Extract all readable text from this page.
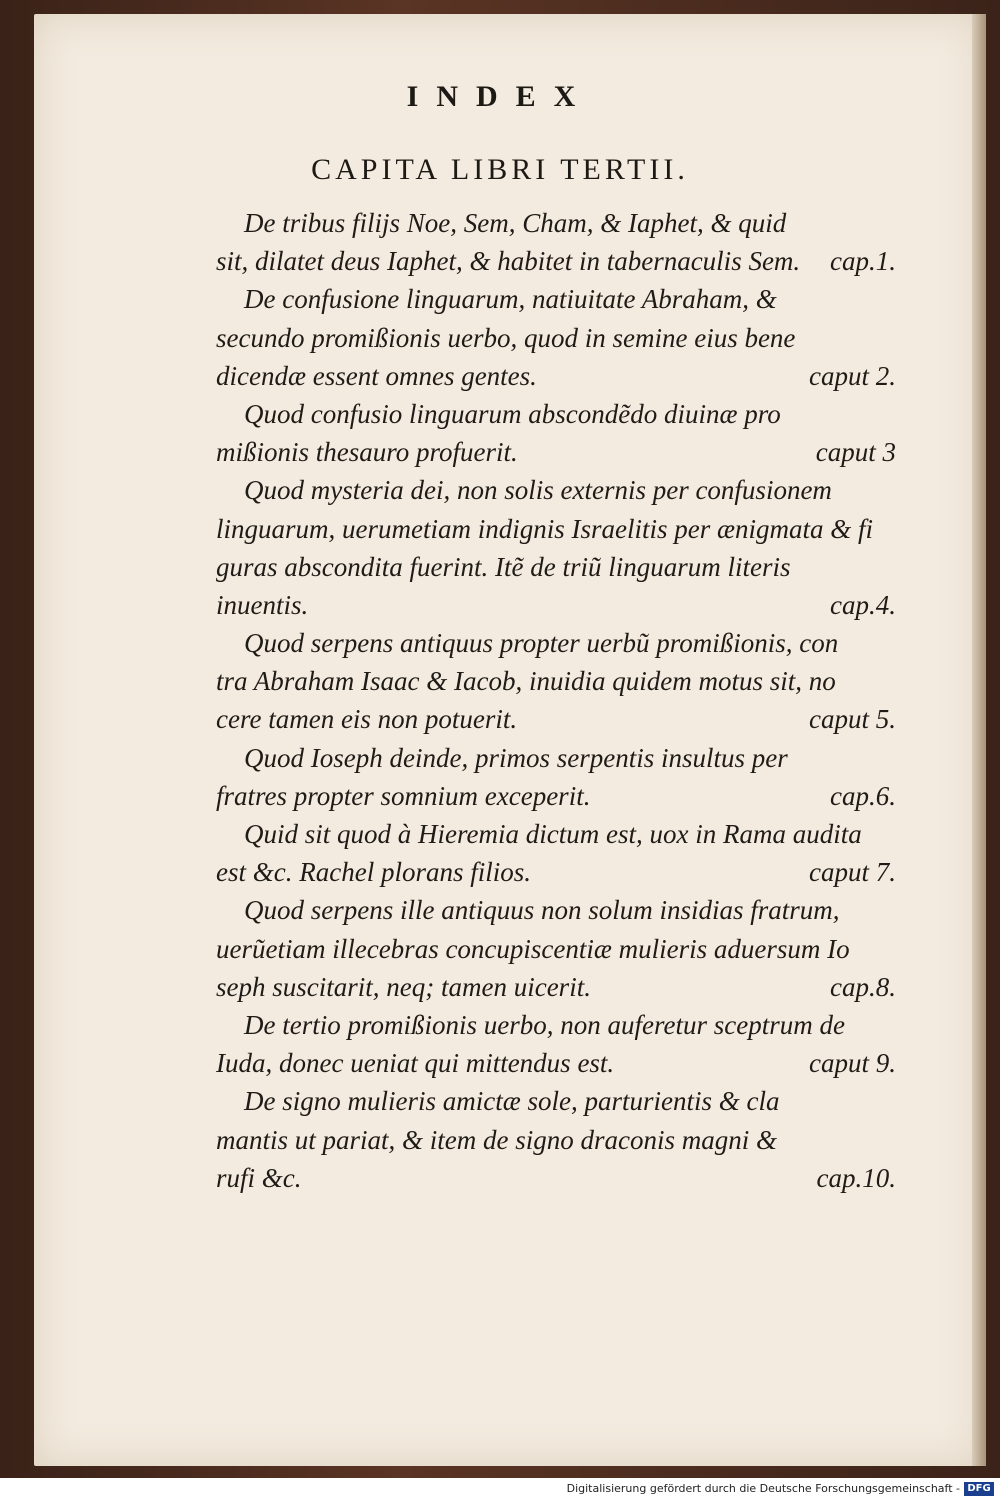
INDEX
CAPITA LIBRI TERTII.
De tribus filijs Noe, Sem, Cham, & Iaphet, & quid
sit, dilatet deus Iaphet, & habitet in tabernaculis Sem. cap.1.
De confusione linguarum, natiuitate Abraham, &
secundo promißionis uerbo, quod in semine eius bene
dicendæ essent omnes gentes.	caput 2.
Quod confusio linguarum abscondẽdo diuinæ pro
mißionis thesauro profuerit.	caput 3
Quod mysteria dei, non solis externis per confusionem
linguarum, uerumetiam indignis Israelitis per ænigmata & fi
guras abscondita fuerint. Itẽ de triũ linguarum literis
inuentis.	cap.4.
Quod serpens antiquus propter uerbũ promißionis, con
tra Abraham Isaac & Iacob, inuidia quidem motus sit, no
cere tamen eis non potuerit.	caput 5.
Quod Ioseph deinde, primos serpentis insultus per
fratres propter somnium exceperit.	cap.6.
Quid sit quod à Hieremia dictum est, uox in Rama audita
est &c. Rachel plorans filios.	caput 7.
Quod serpens ille antiquus non solum insidias fratrum,
uerũetiam illecebras concupiscentiæ mulieris aduersum Io
seph suscitarit, neq; tamen uicerit.	cap.8.
De tertio promißionis uerbo, non auferetur sceptrum de
Iuda, donec ueniat qui mittendus est.	caput 9.
De signo mulieris amictæ sole, parturientis & cla
mantis ut pariat, & item de signo draconis magni &
rufi &c.	cap.10.
Digitalisierung gefördert durch die Deutsche Forschungsgemeinschaft - DFG
